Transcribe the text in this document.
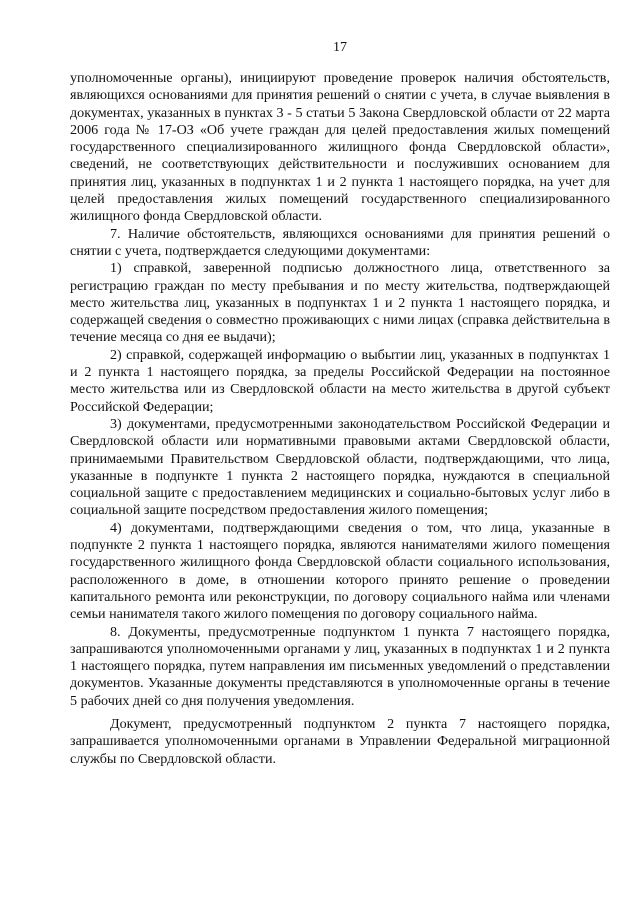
17

уполномоченные органы), инициируют проведение проверок наличия обстоятельств, являющихся основаниями для принятия решений о снятии с учета, в случае выявления в документах, указанных в пунктах 3 - 5 статьи 5 Закона Свердловской области от 22 марта 2006 года № 17-ОЗ «Об учете граждан для целей предоставления жилых помещений государственного специализированного жилищного фонда Свердловской области», сведений, не соответствующих действительности и послуживших основанием для принятия лиц, указанных в подпунктах 1 и 2 пункта 1 настоящего порядка, на учет для целей предоставления жилых помещений государственного специализированного жилищного фонда Свердловской области.

7. Наличие обстоятельств, являющихся основаниями для принятия решений о снятии с учета, подтверждается следующими документами:

1) справкой, заверенной подписью должностного лица, ответственного за регистрацию граждан по месту пребывания и по месту жительства, подтверждающей место жительства лиц, указанных в подпунктах 1 и 2 пункта 1 настоящего порядка, и содержащей сведения о совместно проживающих с ними лицах (справка действительна в течение месяца со дня ее выдачи);

2) справкой, содержащей информацию о выбытии лиц, указанных в подпунктах 1 и 2 пункта 1 настоящего порядка, за пределы Российской Федерации на постоянное место жительства или из Свердловской области на место жительства в другой субъект Российской Федерации;

3) документами, предусмотренными законодательством Российской Федерации и Свердловской области или нормативными правовыми актами Свердловской области, принимаемыми Правительством Свердловской области, подтверждающими, что лица, указанные в подпункте 1 пункта 2 настоящего порядка, нуждаются в специальной социальной защите с предоставлением медицинских и социально-бытовых услуг либо в социальной защите посредством предоставления жилого помещения;

4) документами, подтверждающими сведения о том, что лица, указанные в подпункте 2 пункта 1 настоящего порядка, являются нанимателями жилого помещения государственного жилищного фонда Свердловской области социального использования, расположенного в доме, в отношении которого принято решение о проведении капитального ремонта или реконструкции, по договору социального найма или членами семьи нанимателя такого жилого помещения по договору социального найма.

8. Документы, предусмотренные подпунктом 1 пункта 7 настоящего порядка, запрашиваются уполномоченными органами у лиц, указанных в подпунктах 1 и 2 пункта 1 настоящего порядка, путем направления им письменных уведомлений о представлении документов. Указанные документы представляются в уполномоченные органы в течение 5 рабочих дней со дня получения уведомления.

Документ, предусмотренный подпунктом 2 пункта 7 настоящего порядка, запрашивается уполномоченными органами в Управлении Федеральной миграционной службы по Свердловской области.
